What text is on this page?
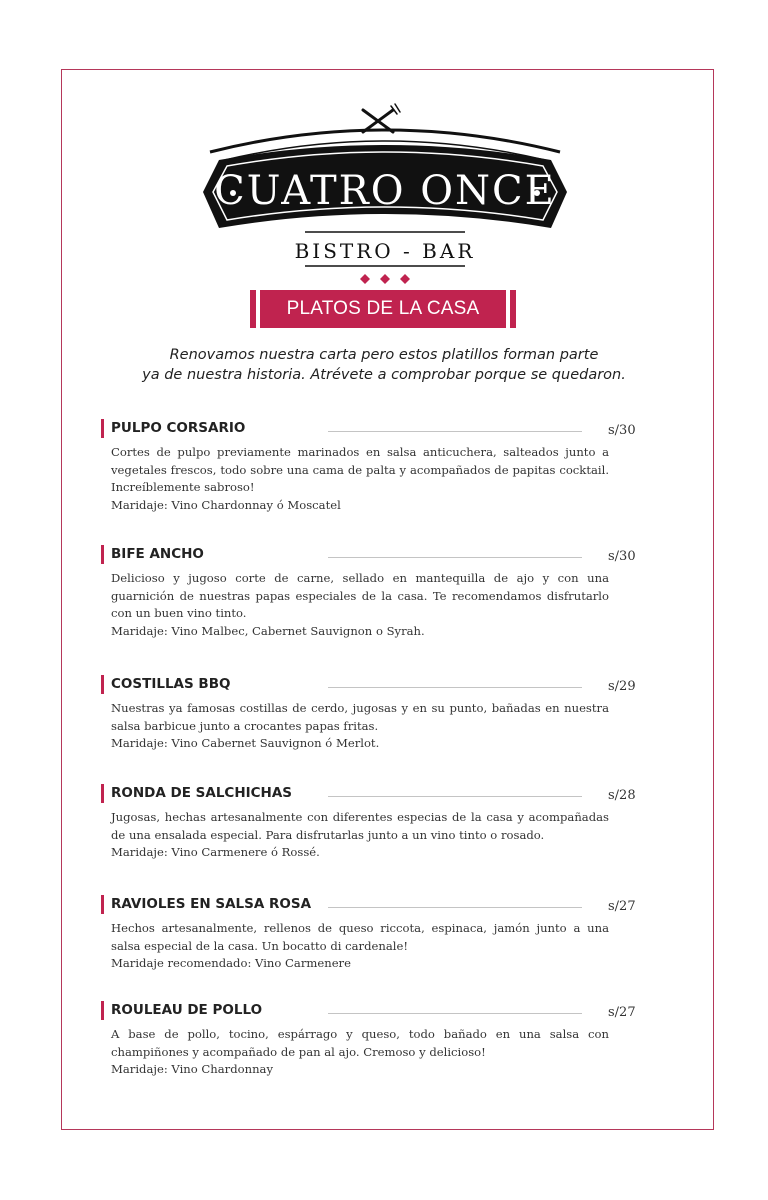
CUATRO ONCE
BISTRO - BAR
PLATOS DE LA CASA
Renovamos nuestra carta pero estos platillos forman parte
ya de nuestra historia. Atrévete a comprobar porque se quedaron.
PULPO CORSARIO	s/30
Cortes de pulpo previamente marinados en salsa anticuchera, salteados junto a vegetales frescos, todo sobre una cama de palta y acompañados de papitas cocktail. Increíblemente sabroso!
Maridaje: Vino Chardonnay ó Moscatel
BIFE ANCHO	s/30
Delicioso y jugoso corte de carne, sellado en mantequilla de ajo y con una guarnición de nuestras papas especiales de la casa. Te recomendamos disfrutarlo con un buen vino tinto.
Maridaje: Vino Malbec, Cabernet Sauvignon o Syrah.
COSTILLAS BBQ	s/29
Nuestras ya famosas costillas de cerdo, jugosas y en su punto, bañadas en nuestra salsa barbicue junto a crocantes papas fritas.
Maridaje: Vino Cabernet Sauvignon ó Merlot.
RONDA DE SALCHICHAS	s/28
Jugosas, hechas artesanalmente con diferentes especias de la casa y acompañadas de una ensalada especial. Para disfrutarlas junto a un vino tinto o rosado.
Maridaje: Vino Carmenere ó Rossé.
RAVIOLES EN SALSA ROSA	s/27
Hechos artesanalmente, rellenos de queso riccota, espinaca, jamón junto a una salsa especial de la casa. Un bocatto di cardenale!
Maridaje recomendado: Vino Carmenere
ROULEAU DE POLLO	s/27
A base de pollo, tocino, espárrago y queso, todo bañado en una salsa con champiñones y acompañado de pan al ajo. Cremoso y delicioso!
Maridaje: Vino Chardonnay
